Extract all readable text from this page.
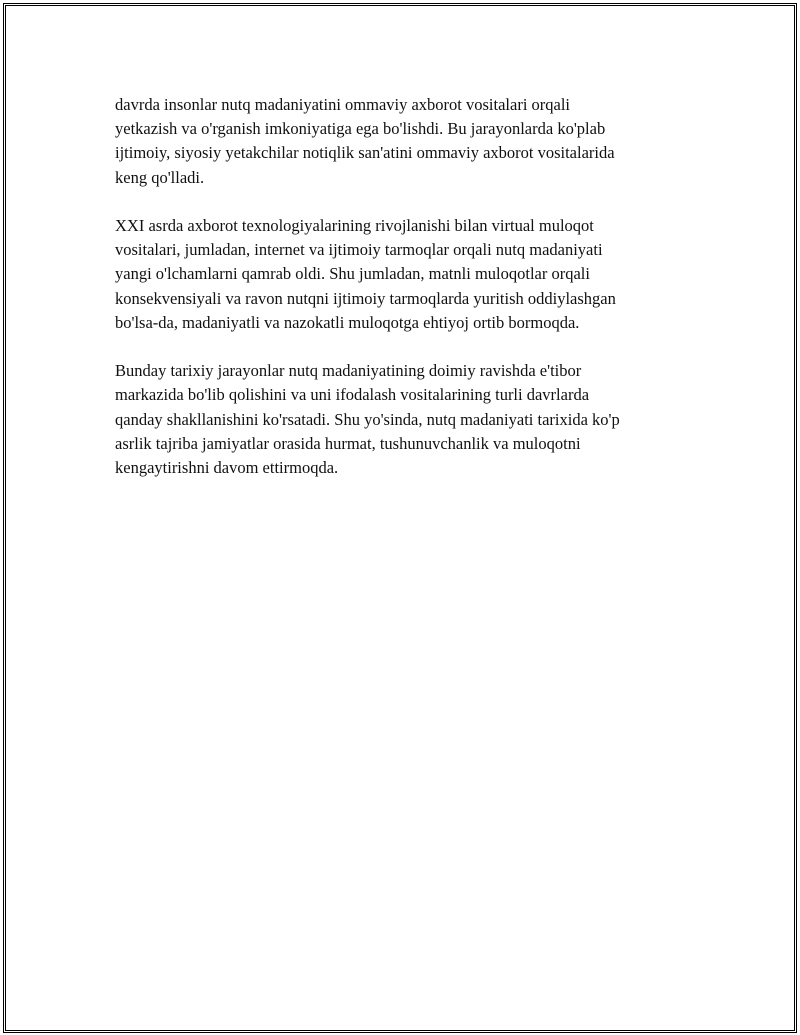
davrda insonlar nutq madaniyatini ommaviy axborot vositalari orqali
yetkazish va o'rganish imkoniyatiga ega bo'lishdi. Bu jarayonlarda ko'plab
ijtimoiy, siyosiy yetakchilar notiqlik san'atini ommaviy axborot vositalarida
keng qo'lladi.

XXI asrda axborot texnologiyalarining rivojlanishi bilan virtual muloqot
vositalari, jumladan, internet va ijtimoiy tarmoqlar orqali nutq madaniyati
yangi o'lchamlarni qamrab oldi. Shu jumladan, matnli muloqotlar orqali
konsekvensiyali va ravon nutqni ijtimoiy tarmoqlarda yuritish oddiylashgan
bo'lsa-da, madaniyatli va nazokatli muloqotga ehtiyoj ortib bormoqda.

Bunday tarixiy jarayonlar nutq madaniyatining doimiy ravishda e'tibor
markazida bo'lib qolishini va uni ifodalash vositalarining turli davrlarda
qanday shakllanishini ko'rsatadi. Shu yo'sinda, nutq madaniyati tarixida ko'p
asrlik tajriba jamiyatlar orasida hurmat, tushunuvchanlik va muloqotni
kengaytirishni davom ettirmoqda.
